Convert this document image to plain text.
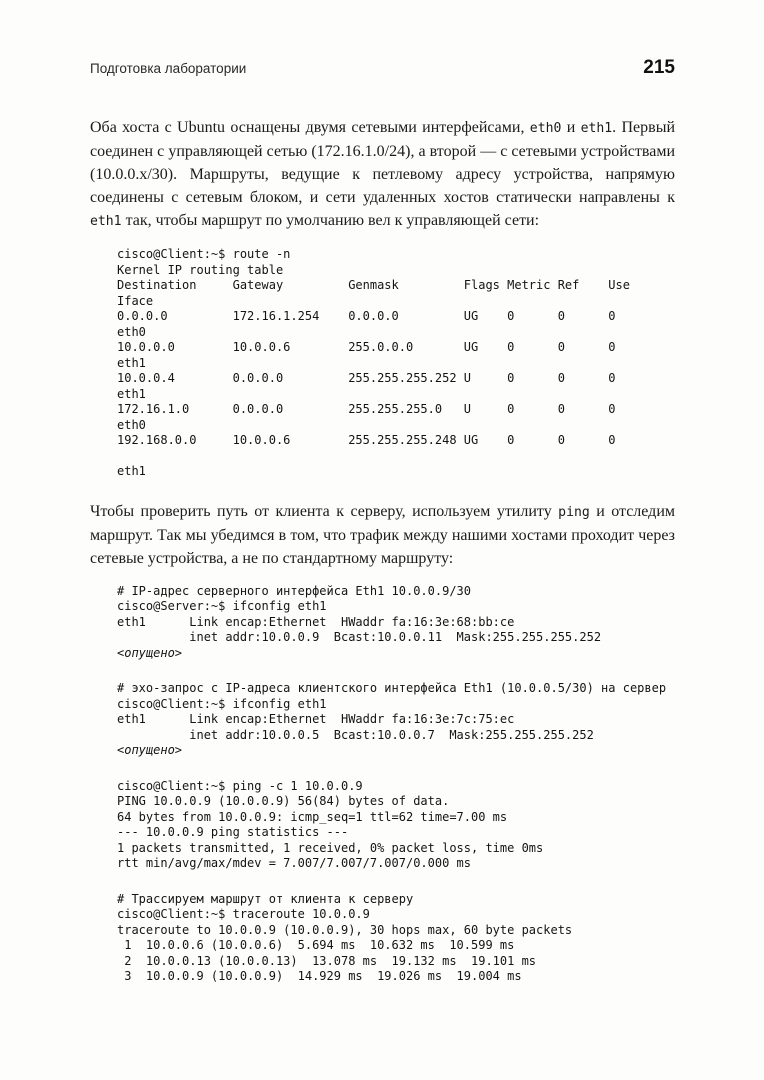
Подготовка лаборатории	215

Оба хоста с Ubuntu оснащены двумя сетевыми интерфейсами, eth0 и eth1. Первый соединен с управляющей сетью (172.16.1.0/24), а второй — с сетевыми устройствами (10.0.0.x/30). Маршруты, ведущие к петлевому адресу устройства, напрямую соединены с сетевым блоком, и сети удаленных хостов статически направлены к eth1 так, чтобы маршрут по умолчанию вел к управляющей сети:

cisco@Client:~$ route -n
Kernel IP routing table
Destination     Gateway         Genmask         Flags Metric Ref    Use
Iface
0.0.0.0         172.16.1.254    0.0.0.0         UG    0      0      0
eth0
10.0.0.0        10.0.0.6        255.0.0.0       UG    0      0      0
eth1
10.0.0.4        0.0.0.0         255.255.255.252 U     0      0      0
eth1
172.16.1.0      0.0.0.0         255.255.255.0   U     0      0      0
eth0
192.168.0.0     10.0.0.6        255.255.255.248 UG    0      0      0

eth1

Чтобы проверить путь от клиента к серверу, используем утилиту ping и отследим маршрут. Так мы убедимся в том, что трафик между нашими хостами проходит через сетевые устройства, а не по стандартному маршруту:

# IP-адрес серверного интерфейса Eth1 10.0.0.9/30
cisco@Server:~$ ifconfig eth1
eth1      Link encap:Ethernet  HWaddr fa:16:3e:68:bb:ce
inet addr:10.0.0.9  Bcast:10.0.0.11  Mask:255.255.255.252
<опущено>
# эхо-запрос с IP-адреса клиентского интерфейса Eth1 (10.0.0.5/30) на сервер
cisco@Client:~$ ifconfig eth1
eth1      Link encap:Ethernet  HWaddr fa:16:3e:7c:75:ec
inet addr:10.0.0.5  Bcast:10.0.0.7  Mask:255.255.255.252
<опущено>
cisco@Client:~$ ping -c 1 10.0.0.9
PING 10.0.0.9 (10.0.0.9) 56(84) bytes of data.
64 bytes from 10.0.0.9: icmp_seq=1 ttl=62 time=7.00 ms
--- 10.0.0.9 ping statistics ---
1 packets transmitted, 1 received, 0% packet loss, time 0ms
rtt min/avg/max/mdev = 7.007/7.007/7.007/0.000 ms
# Трассируем маршрут от клиента к серверу
cisco@Client:~$ traceroute 10.0.0.9
traceroute to 10.0.0.9 (10.0.0.9), 30 hops max, 60 byte packets
1  10.0.0.6 (10.0.0.6)  5.694 ms  10.632 ms  10.599 ms
2  10.0.0.13 (10.0.0.13)  13.078 ms  19.132 ms  19.101 ms
3  10.0.0.9 (10.0.0.9)  14.929 ms  19.026 ms  19.004 ms
